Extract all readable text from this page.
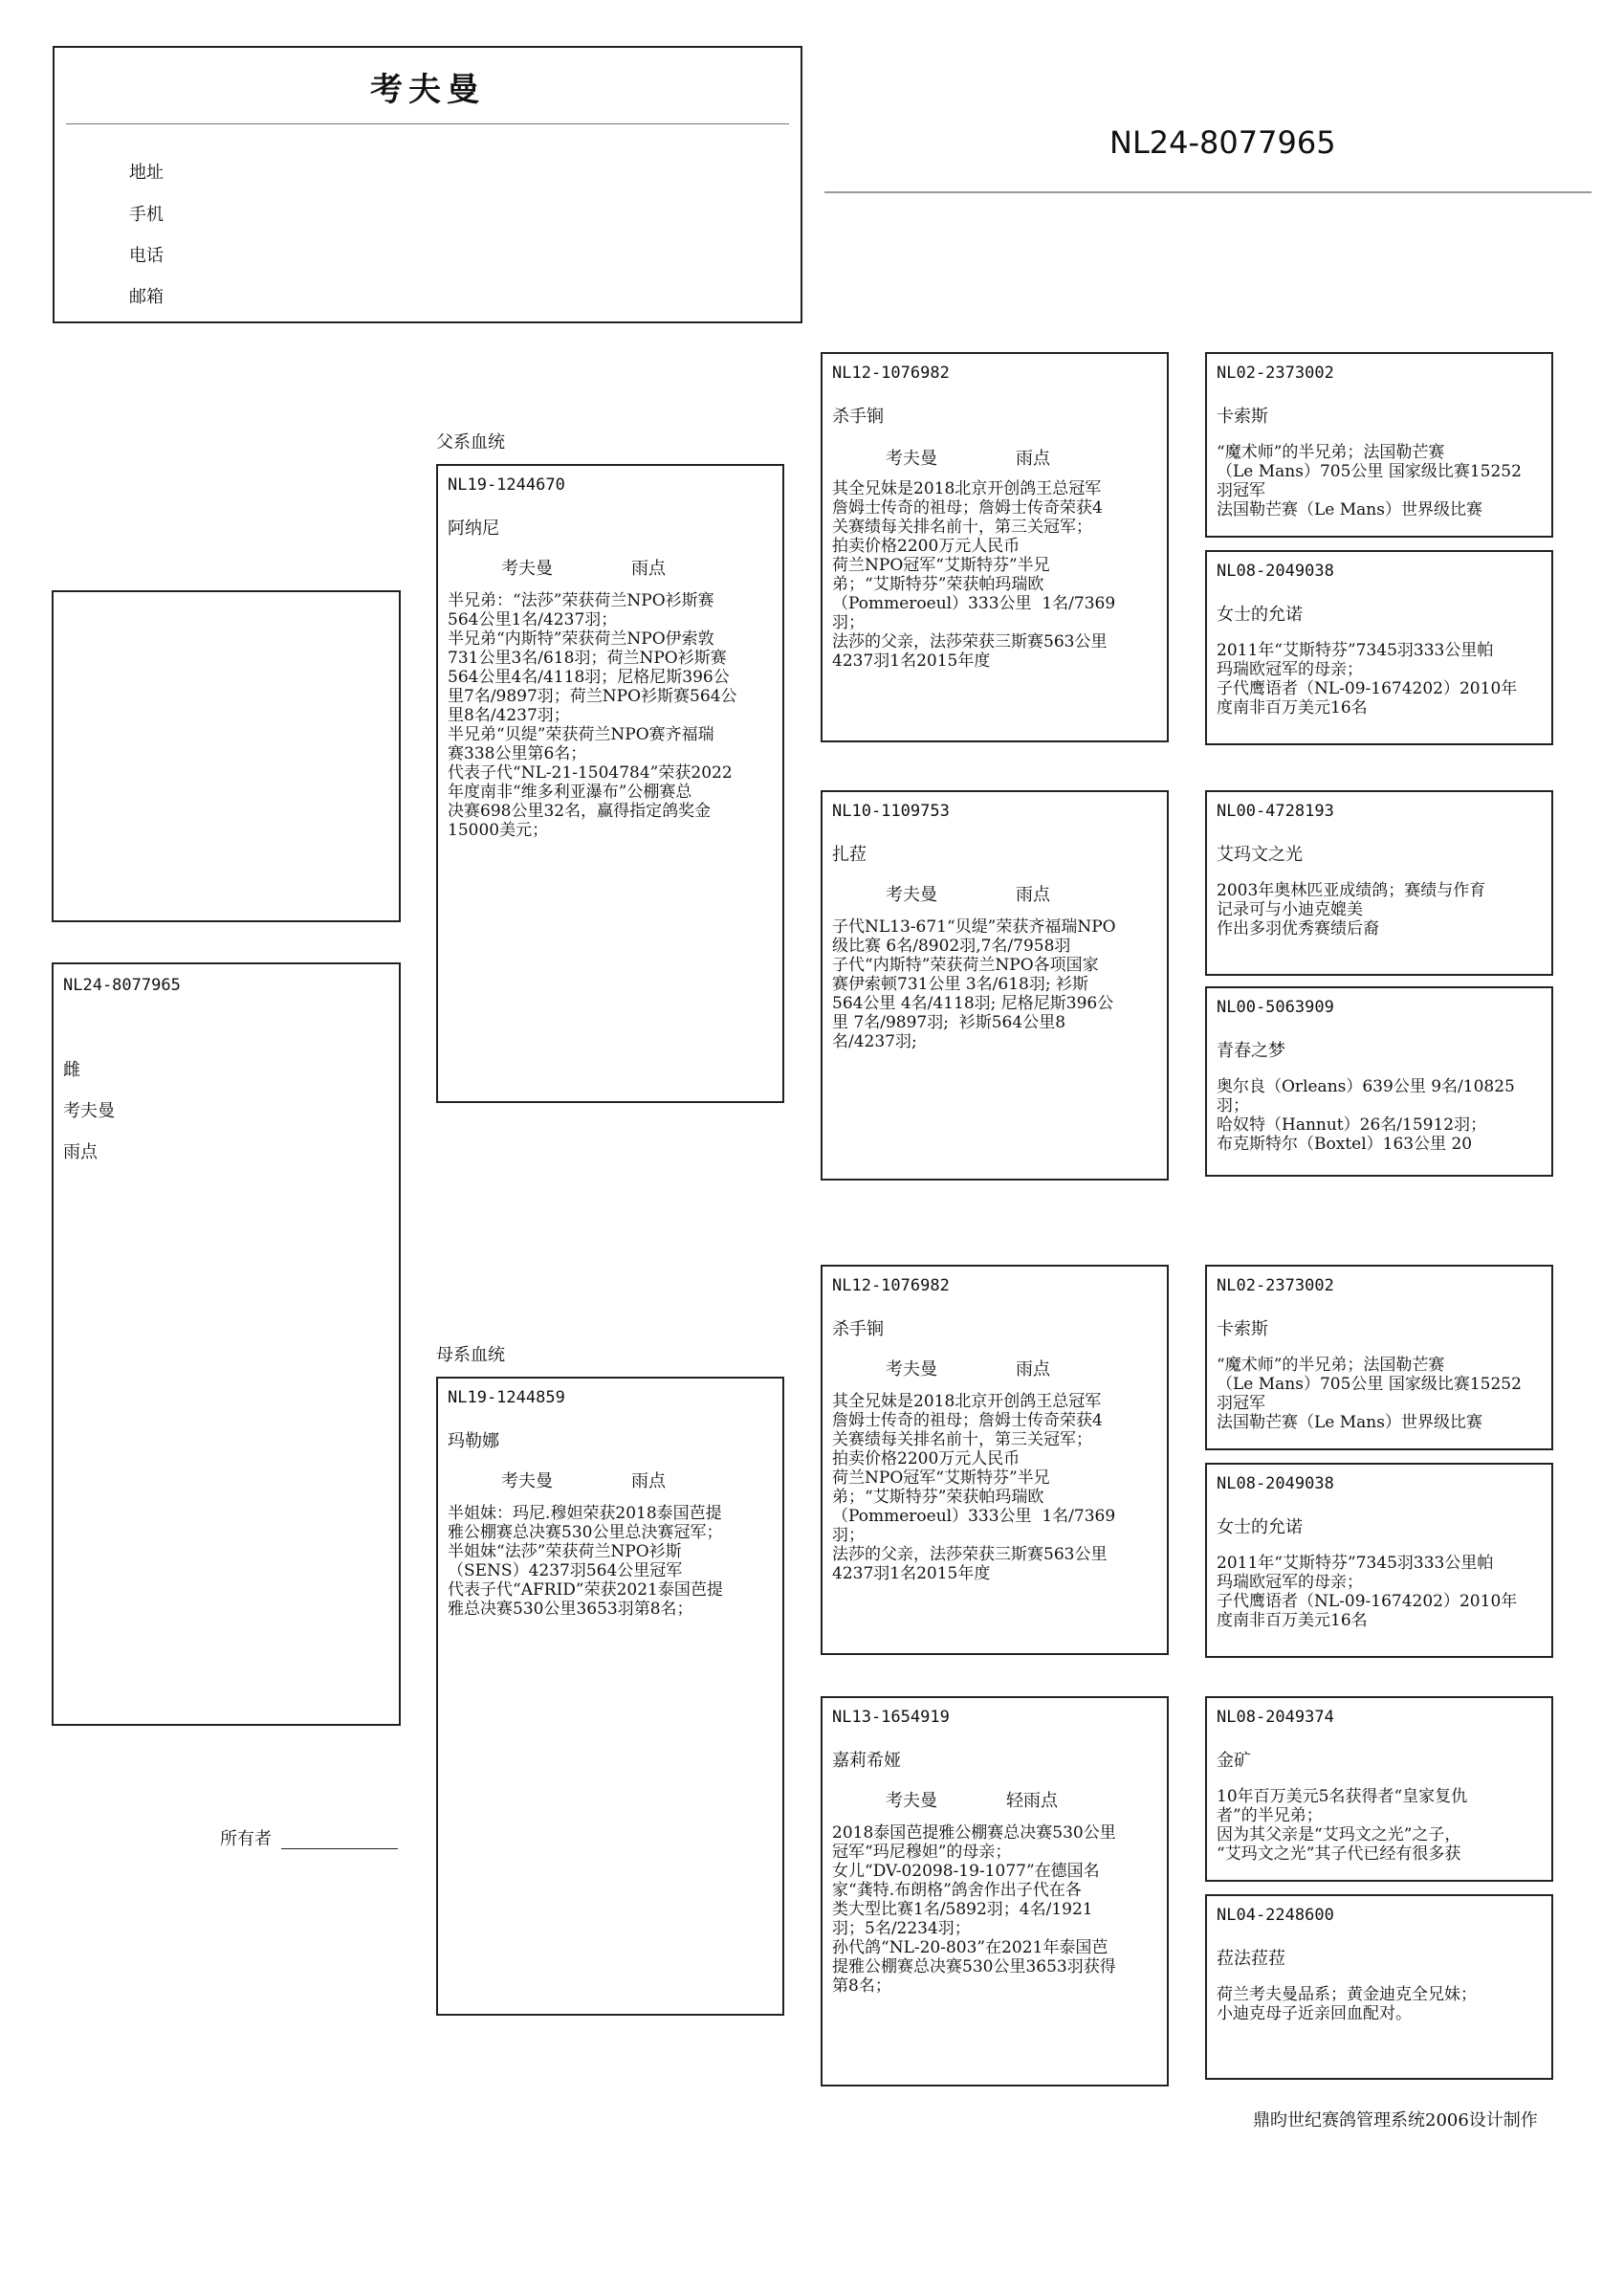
考夫曼
地址
手机
电话
邮箱
NL24-8077965
NL24-8077965
雌
考夫曼
雨点
所有者
父系血统
NL19-1244670
阿纳尼
考夫曼	雨点
半兄弟：“法莎”荣获荷兰NPO衫斯赛
564公里1名/4237羽；
半兄弟“内斯特”荣获荷兰NPO伊索敦
731公里3名/618羽；荷兰NPO衫斯赛
564公里4名/4118羽；尼格尼斯396公
里7名/9897羽；荷兰NPO衫斯赛564公
里8名/4237羽；
半兄弟“贝缇”荣获荷兰NPO赛齐福瑞
赛338公里第6名；
代表子代“NL-21-1504784”荣获2022
年度南非“维多利亚瀑布”公棚赛总
决赛698公里32名，赢得指定鸽奖金
15000美元；
母系血统
NL19-1244859
玛勒娜
考夫曼	雨点
半姐妹：玛尼.穆妲荣获2018泰国芭提
雅公棚赛总决赛530公里总決赛冠军；
半姐妹“法莎”荣获荷兰NPO衫斯
（SENS）4237羽564公里冠军
代表子代“AFRID”荣获2021泰国芭提
雅总决赛530公里3653羽第8名；
NL12-1076982
杀手锏
考夫曼	雨点
其全兄妹是2018北京开创鸽王总冠军
詹姆士传奇的祖母；詹姆士传奇荣获4
关赛绩每关排名前十，第三关冠军；
拍卖价格2200万元人民币
荷兰NPO冠军“艾斯特芬”半兄
弟；“艾斯特芬”荣获帕玛瑞欧
（Pommeroeul）333公里  1名/7369
羽；
法莎的父亲，法莎荣获三斯赛563公里
4237羽1名2015年度
NL10-1109753
扎菈
考夫曼	雨点
子代NL13-671“贝缇”荣获齐福瑞NPO
级比赛 6名/8902羽,7名/7958羽
子代“内斯特”荣获荷兰NPO各项国家
赛伊索顿731公里 3名/618羽; 衫斯
564公里 4名/4118羽; 尼格尼斯396公
里 7名/9897羽;  衫斯564公里8
名/4237羽;
NL12-1076982
杀手锏
考夫曼	雨点
其全兄妹是2018北京开创鸽王总冠军
詹姆士传奇的祖母；詹姆士传奇荣获4
关赛绩每关排名前十，第三关冠军；
拍卖价格2200万元人民币
荷兰NPO冠军“艾斯特芬”半兄
弟；“艾斯特芬”荣获帕玛瑞欧
（Pommeroeul）333公里  1名/7369
羽；
法莎的父亲，法莎荣获三斯赛563公里
4237羽1名2015年度
NL13-1654919
嘉莉希娅
考夫曼	轻雨点
2018泰国芭提雅公棚赛总决赛530公里
冠军“玛尼穆妲”的母亲；
女儿“DV-02098-19-1077”在德国名
家“龚特.布朗格”鸽舍作出子代在各
类大型比赛1名/5892羽；4名/1921
羽；5名/2234羽；
孙代鸽“NL-20-803”在2021年泰国芭
提雅公棚赛总决赛530公里3653羽获得
第8名；
NL02-2373002
卡索斯
“魔术师”的半兄弟；法国勒芒赛
（Le Mans）705公里 国家级比赛15252
羽冠军
法国勒芒赛（Le Mans）世界级比赛
NL08-2049038
女士的允诺
2011年“艾斯特芬”7345羽333公里帕
玛瑞欧冠军的母亲；
子代鹰语者（NL-09-1674202）2010年
度南非百万美元16名
NL00-4728193
艾玛文之光
2003年奥林匹亚成绩鸽；赛绩与作育
记录可与小迪克媲美
作出多羽优秀赛绩后裔
NL00-5063909
青春之梦
奥尔良（Orleans）639公里 9名/10825
羽；
哈奴特（Hannut）26名/15912羽；
布克斯特尔（Boxtel）163公里 20
NL02-2373002
卡索斯
“魔术师”的半兄弟；法国勒芒赛
（Le Mans）705公里 国家级比赛15252
羽冠军
法国勒芒赛（Le Mans）世界级比赛
NL08-2049038
女士的允诺
2011年“艾斯特芬”7345羽333公里帕
玛瑞欧冠军的母亲；
子代鹰语者（NL-09-1674202）2010年
度南非百万美元16名
NL08-2049374
金矿
10年百万美元5名获得者“皇家复仇
者”的半兄弟；
因为其父亲是“艾玛文之光”之子，
“艾玛文之光”其子代已经有很多获
NL04-2248600
菈法菈菈
荷兰考夫曼品系；黄金迪克全兄妹；
小迪克母子近亲回血配对。
鼎昀世纪赛鸽管理系统2006设计制作
